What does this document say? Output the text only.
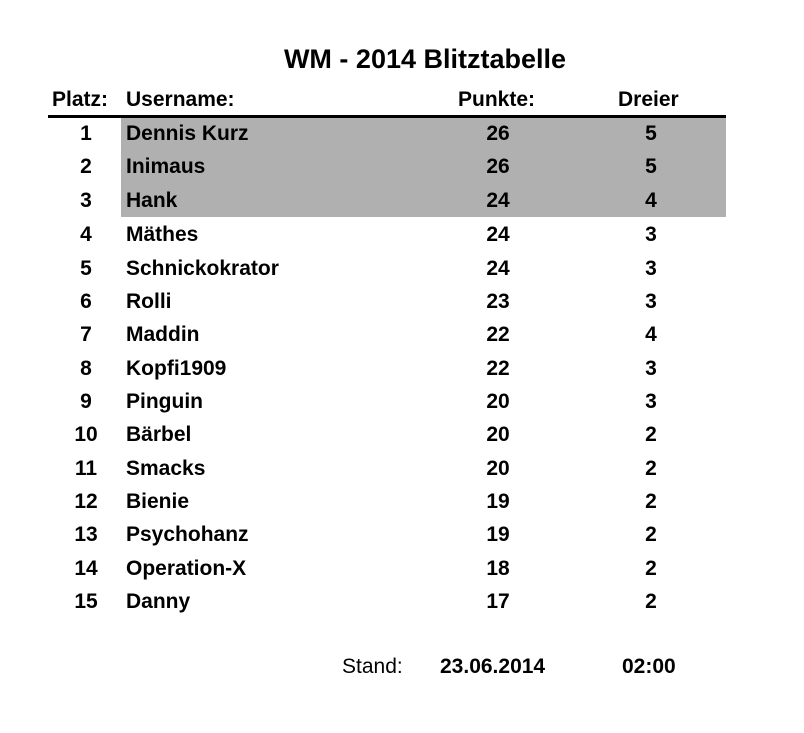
WM - 2014 Blitztabelle
Platz: Username:	Punkte:	Dreier
1	Dennis Kurz	26	5
2	Inimaus	26	5
3	Hank	24	4
4	Mäthes	24	3
5	Schnickokrator	24	3
6	Rolli	23	3
7	Maddin	22	4
8	Kopfi1909	22	3
9	Pinguin	20	3
10	Bärbel	20	2
11	Smacks	20	2
12	Bienie	19	2
13	Psychohanz	19	2
14	Operation-X	18	2
15	Danny	17	2
Stand: 23.06.2014	02:00
